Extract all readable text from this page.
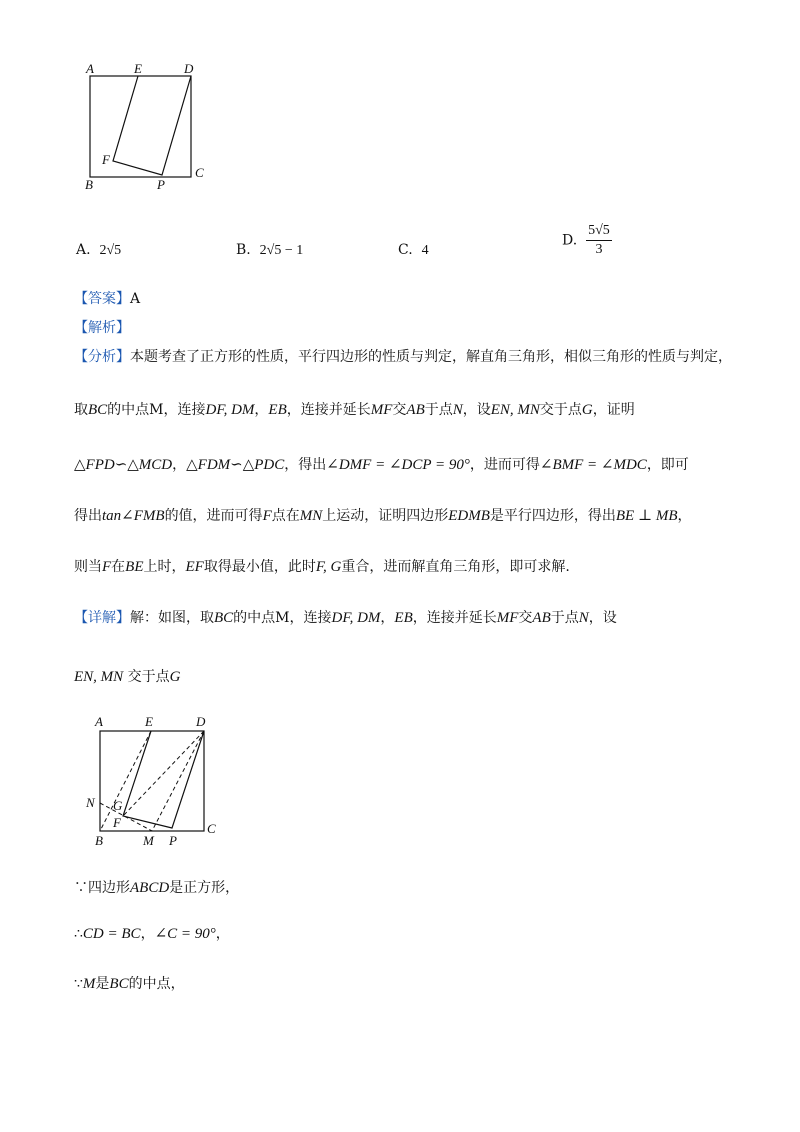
A	E	D
F
B	P
C
A. 2√5	B. 2√5 − 1	C. 4
D. $\frac{5√5}{3}$
【答案】A
【解析】
【分析】本题考查了正方形的性质，平行四边形的性质与判定，解直角三角形，相似三角形的性质与判定，
取BC的中点M，连接DF, DM，EB，连接并延长MF交AB于点N，设EN, MN交于点G，证明
△FPD∽△MCD，△FDM∽△PDC，得出∠DMF = ∠DCP = 90°，进而可得∠BMF = ∠MDC，即可
得出tan∠FMB的值，进而可得F点在MN上运动，证明四边形EDMB是平行四边形，得出BE ⊥ MB，
则当F在BE上时，EF取得最小值，此时F, G重合，进而解直角三角形，即可求解.
【详解】解：如图，取BC的中点M，连接DF, DM，EB，连接并延长MF交AB于点N，设
EN, MN 交于点G
A	E	D
N G
F
B	M P
C
∵四边形ABCD是正方形，
∴CD = BC，∠C = 90°，
∵M是BC的中点，
